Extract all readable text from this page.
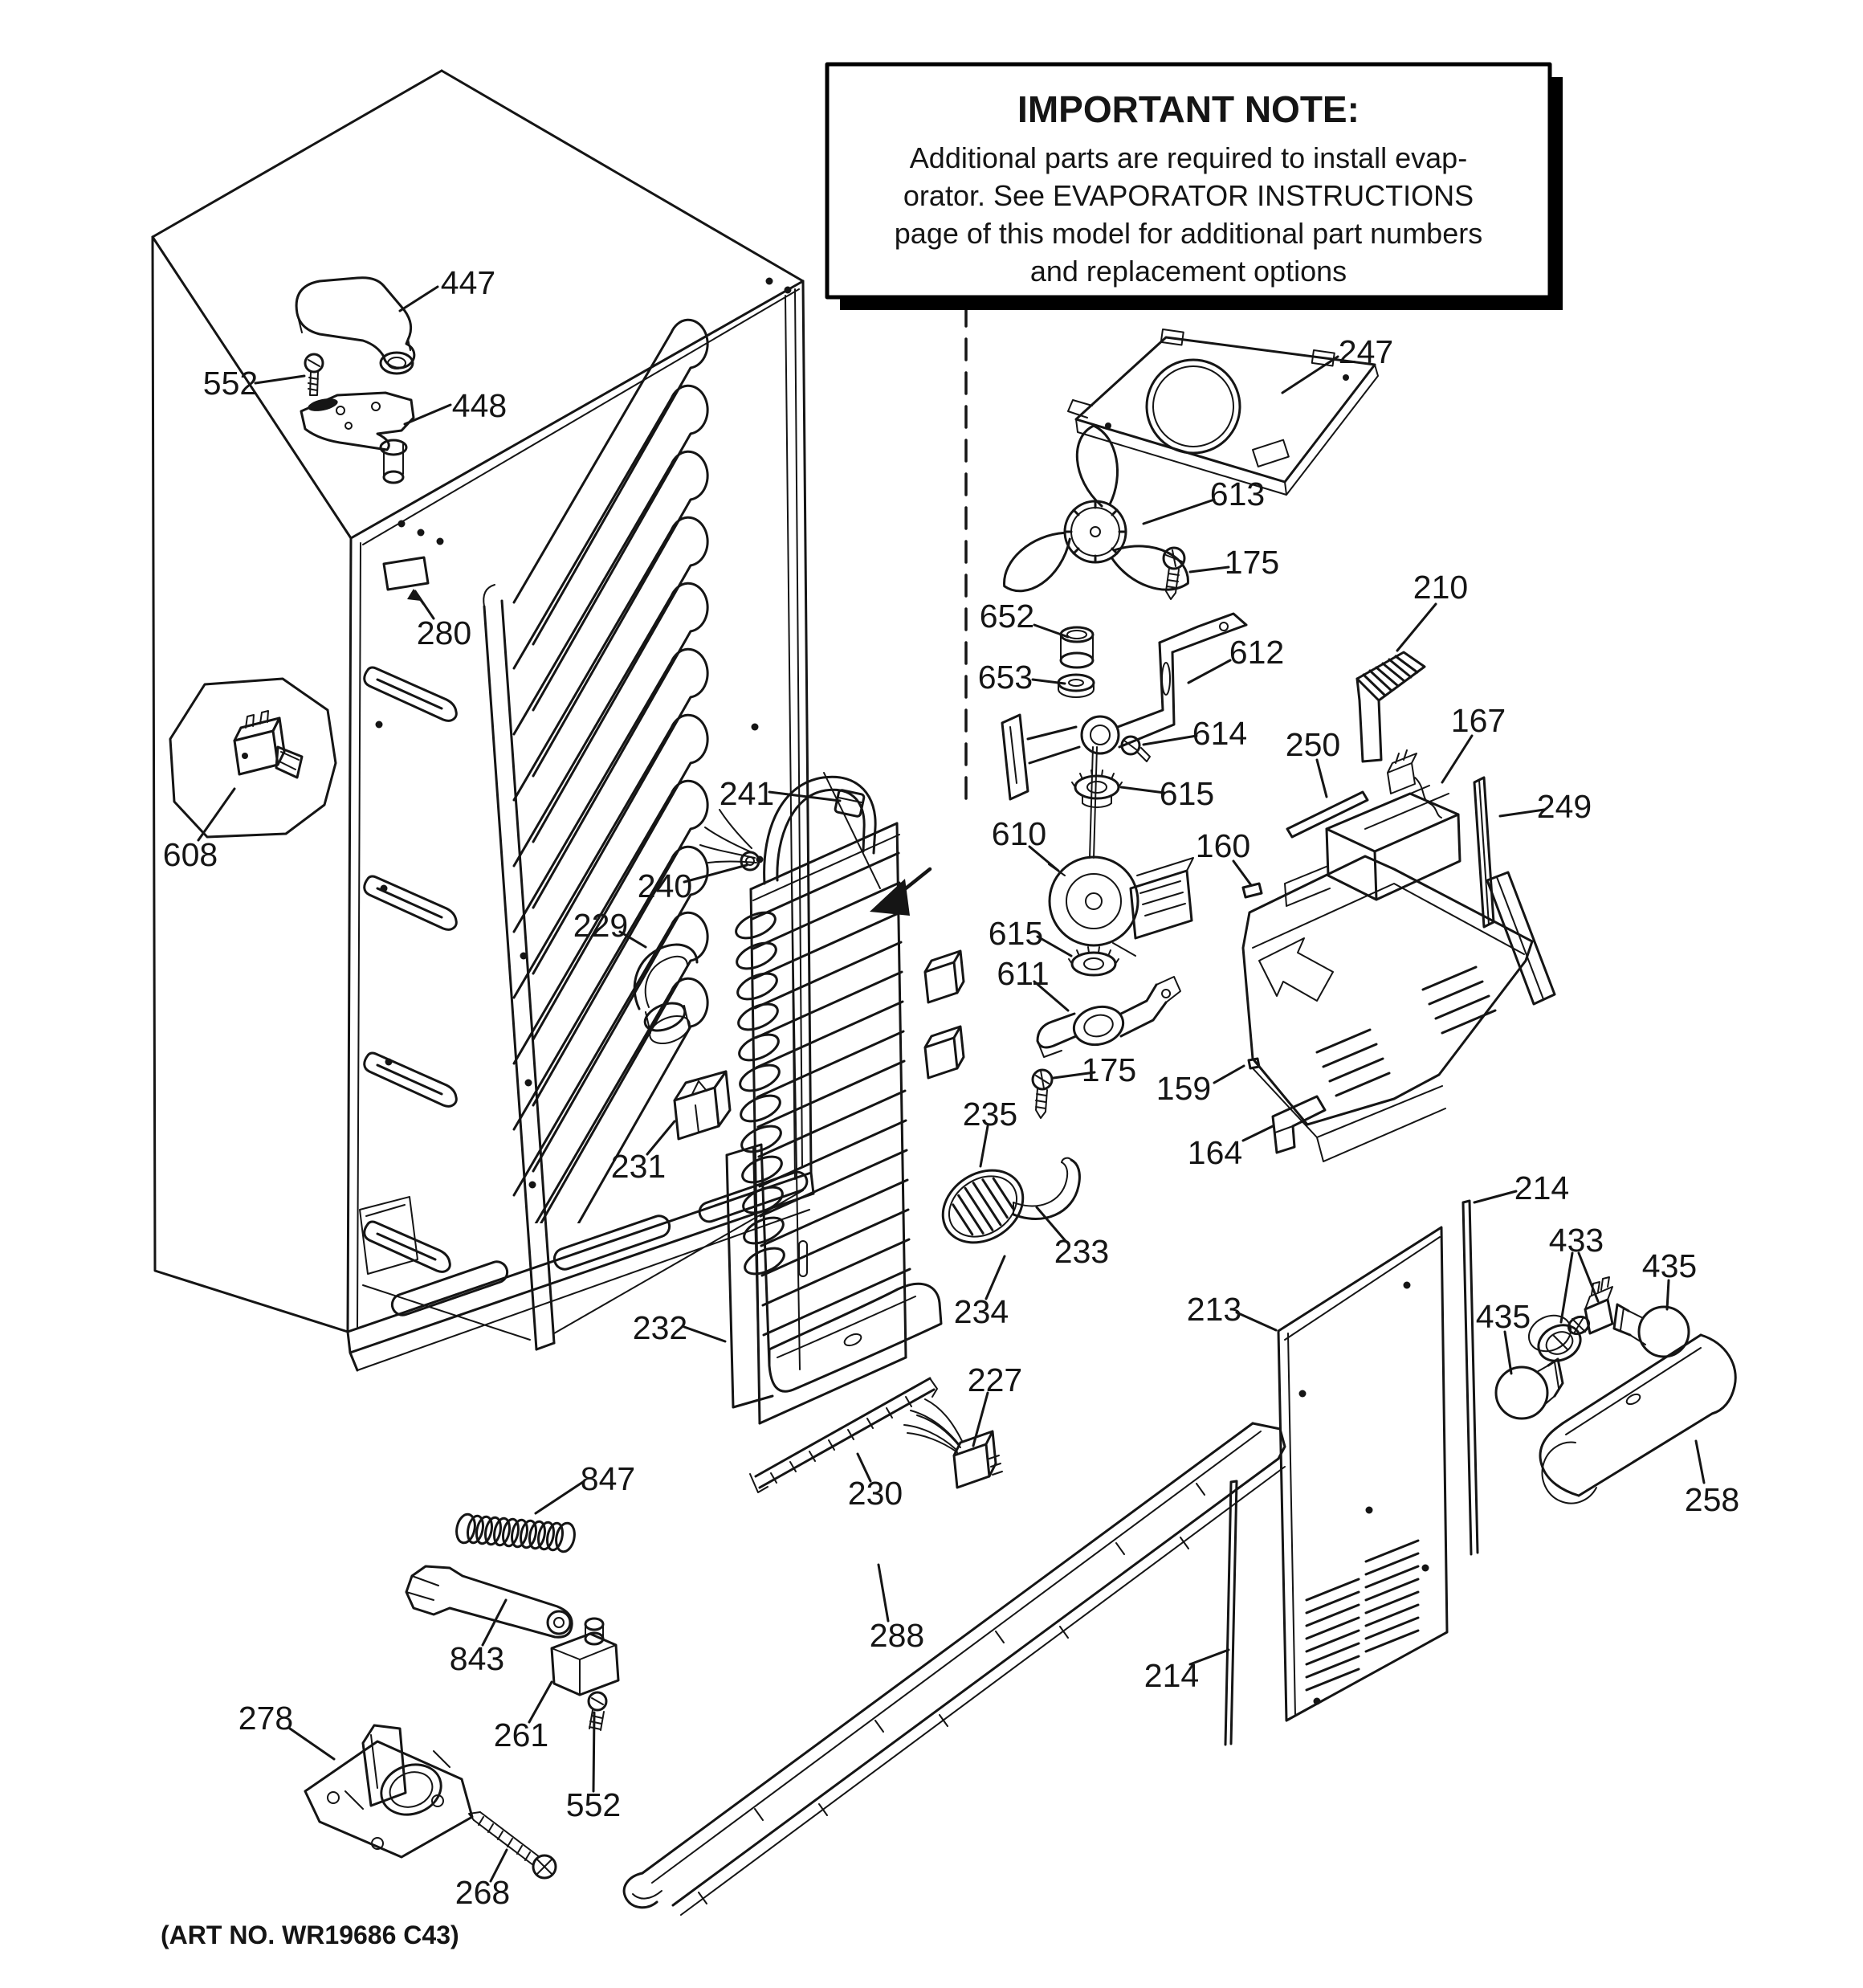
IMPORTANT NOTE:
Additional parts are required to install evap-
orator. See EVAPORATOR INSTRUCTIONS
page of this model for additional part numbers
and replacement options
447
552
448
280
608
241
240
229
231
232
235
233
234
227
230
288
847
843
261
552
278
268
247
613
175
652
653
612
614
615
610	160
615
611
175 159
164
250
210
167
249
213
214
433
435
435
258
214
(ART NO. WR19686 C43)
